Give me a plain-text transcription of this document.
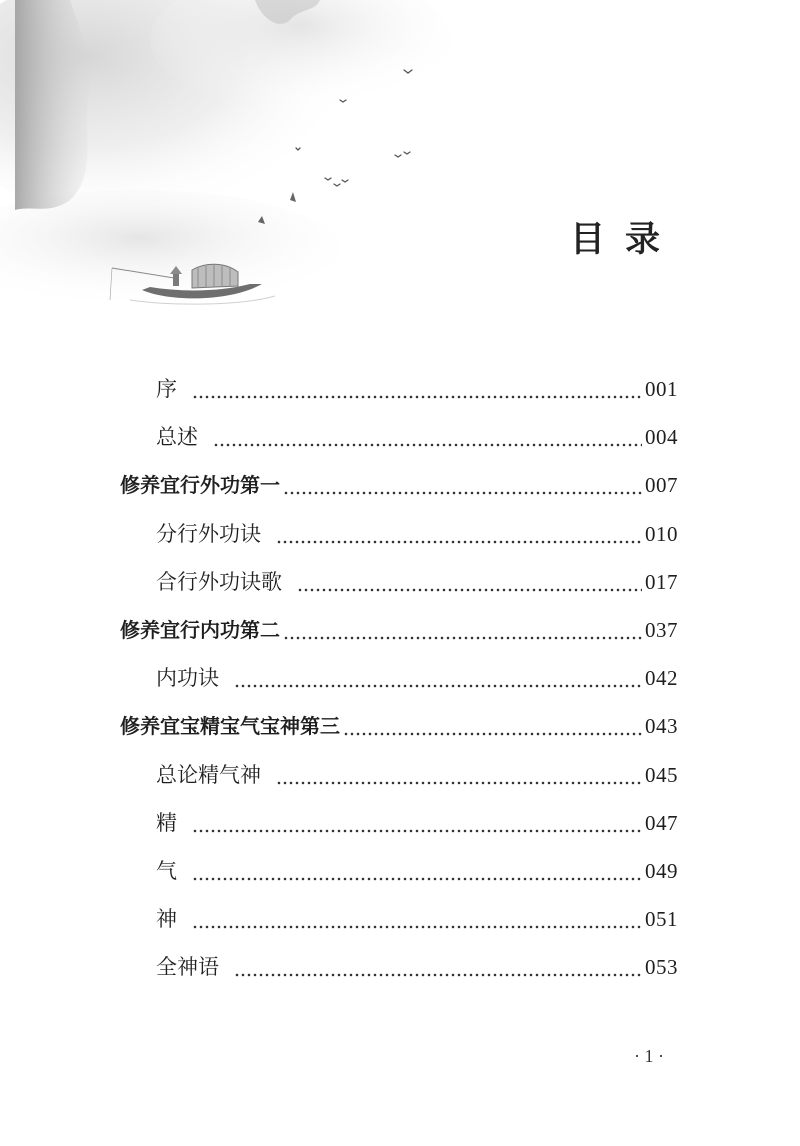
目录
序	001
总述	004
修养宜行外功第一	007
分行外功诀	010
合行外功诀歌	017
修养宜行内功第二	037
内功诀	042
修养宜宝精宝气宝神第三	043
总论精气神	045
精	047
气	049
神	051
全神语	053
· 1 ·
